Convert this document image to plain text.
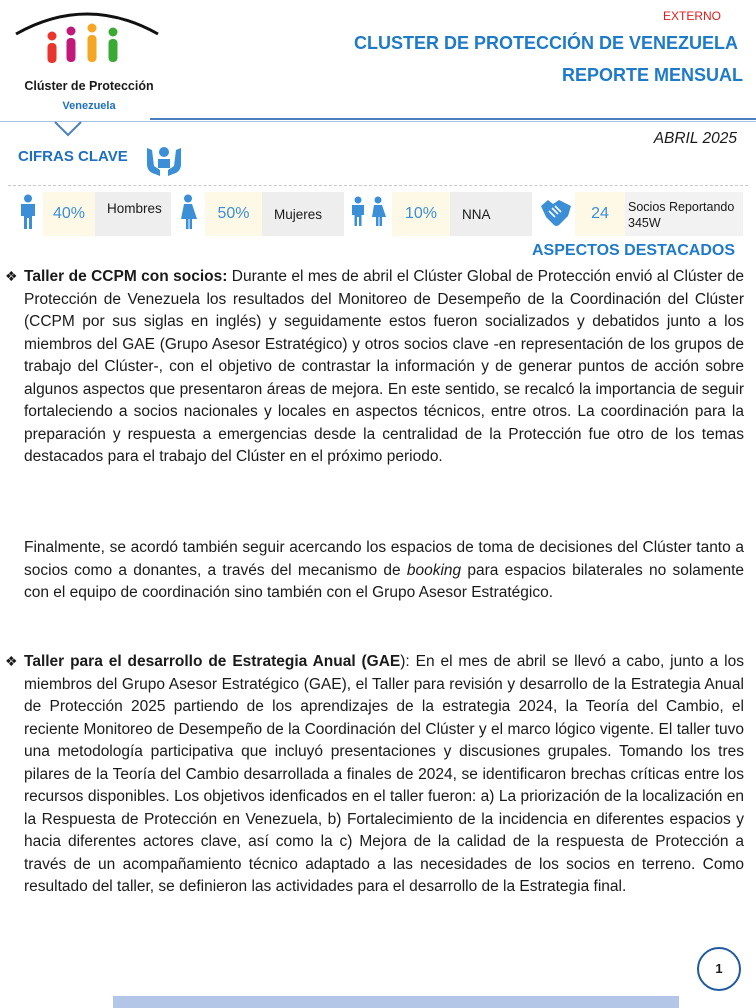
Clúster de Protección
Venezuela
EXTERNO
CLUSTER DE PROTECCIÓN DE VENEZUELA
REPORTE MENSUAL
ABRIL 2025
CIFRAS CLAVE
40%	Hombres	50%	Mujeres	10%	NNA	24	Socios Reportando
345W
ASPECTOS DESTACADOS
❖ Taller de CCPM con socios: Durante el mes de abril el Clúster Global de Protección envió al Clúster de Protección de Venezuela los resultados del Monitoreo de Desempeño de la Coordinación del Clúster (CCPM por sus siglas en inglés) y seguidamente estos fueron socializados y debatidos junto a los miembros del GAE (Grupo Asesor Estratégico) y otros socios clave -en representación de los grupos de trabajo del Clúster-, con el objetivo de contrastar la información y de generar puntos de acción sobre algunos aspectos que presentaron áreas de mejora. En este sentido, se recalcó la importancia de seguir fortaleciendo a socios nacionales y locales en aspectos técnicos, entre otros. La coordinación para la preparación y respuesta a emergencias desde la centralidad de la Protección fue otro de los temas destacados para el trabajo del Clúster en el próximo periodo.

Finalmente, se acordó también seguir acercando los espacios de toma de decisiones del Clúster tanto a socios como a donantes, a través del mecanismo de booking para espacios bilaterales no solamente con el equipo de coordinación sino también con el Grupo Asesor Estratégico.

❖ Taller para el desarrollo de Estrategia Anual (GAE): En el mes de abril se llevó a cabo, junto a los miembros del Grupo Asesor Estratégico (GAE), el Taller para revisión y desarrollo de la Estrategia Anual de Protección 2025 partiendo de los aprendizajes de la estrategia 2024, la Teoría del Cambio, el reciente Monitoreo de Desempeño de la Coordinación del Clúster y el marco lógico vigente. El taller tuvo una metodología participativa que incluyó presentaciones y discusiones grupales. Tomando los tres pilares de la Teoría del Cambio desarrollada a finales de 2024, se identificaron brechas críticas entre los recursos disponibles. Los objetivos idenficados en el taller fueron: a) La priorización de la localización en la Respuesta de Protección en Venezuela, b) Fortalecimiento de la incidencia en diferentes espacios y hacia diferentes actores clave, así como la c) Mejora de la calidad de la respuesta de Protección a través de un acompañamiento técnico adaptado a las necesidades de los socios en terreno. Como resultado del taller, se definieron las actividades para el desarrollo de la Estrategia final.

1
